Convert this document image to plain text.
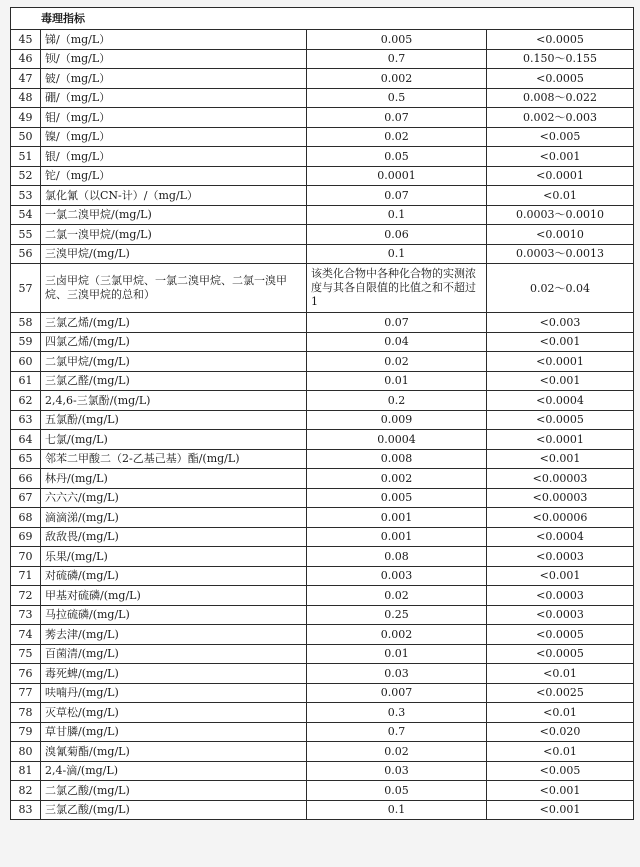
毒理指标			
45	锑/（mg/L）	0.005	<0.0005
46	钡/（mg/L）	0.7	0.150～0.155
47	铍/（mg/L）	0.002	<0.0005
48	硼/（mg/L）	0.5	0.008～0.022
49	钼/（mg/L）	0.07	0.002～0.003
50	镍/（mg/L）	0.02	<0.005
51	银/（mg/L）	0.05	<0.001
52	铊/（mg/L）	0.0001	<0.0001
53	氯化氰（以CN-计）/（mg/L）	0.07	<0.01
54	一氯二溴甲烷/(mg/L)	0.1	0.0003～0.0010
55	二氯一溴甲烷/(mg/L)	0.06	<0.0010
56	三溴甲烷/(mg/L)	0.1	0.0003～0.0013
57	三卤甲烷（三氯甲烷、一氯二溴甲烷、二氯一溴甲烷、三溴甲烷的总和）	该类化合物中各种化合物的实测浓度与其各自限值的比值之和不超过1	0.02～0.04
58	三氯乙烯/(mg/L)	0.07	<0.003
59	四氯乙烯/(mg/L)	0.04	<0.001
60	二氯甲烷/(mg/L)	0.02	<0.0001
61	三氯乙醛/(mg/L)	0.01	<0.001
62	2,4,6-三氯酚/(mg/L)	0.2	<0.0004
63	五氯酚/(mg/L)	0.009	<0.0005
64	七氯/(mg/L)	0.0004	<0.0001
65	邻苯二甲酸二（2-乙基己基）酯/(mg/L)	0.008	<0.001
66	林丹/(mg/L)	0.002	<0.00003
67	六六六/(mg/L)	0.005	<0.00003
68	滴滴涕/(mg/L)	0.001	<0.00006
69	敌敌畏/(mg/L)	0.001	<0.0004
70	乐果/(mg/L)	0.08	<0.0003
71	对硫磷/(mg/L)	0.003	<0.001
72	甲基对硫磷/(mg/L)	0.02	<0.0003
73	马拉硫磷/(mg/L)	0.25	<0.0003
74	莠去津/(mg/L)	0.002	<0.0005
75	百菌清/(mg/L)	0.01	<0.0005
76	毒死蜱/(mg/L)	0.03	<0.01
77	呋喃丹/(mg/L)	0.007	<0.0025
78	灭草松/(mg/L)	0.3	<0.01
79	草甘膦/(mg/L)	0.7	<0.020
80	溴氰菊酯/(mg/L)	0.02	<0.01
81	2,4-滴/(mg/L)	0.03	<0.005
82	二氯乙酸/(mg/L)	0.05	<0.001
83	三氯乙酸/(mg/L)	0.1	<0.001
